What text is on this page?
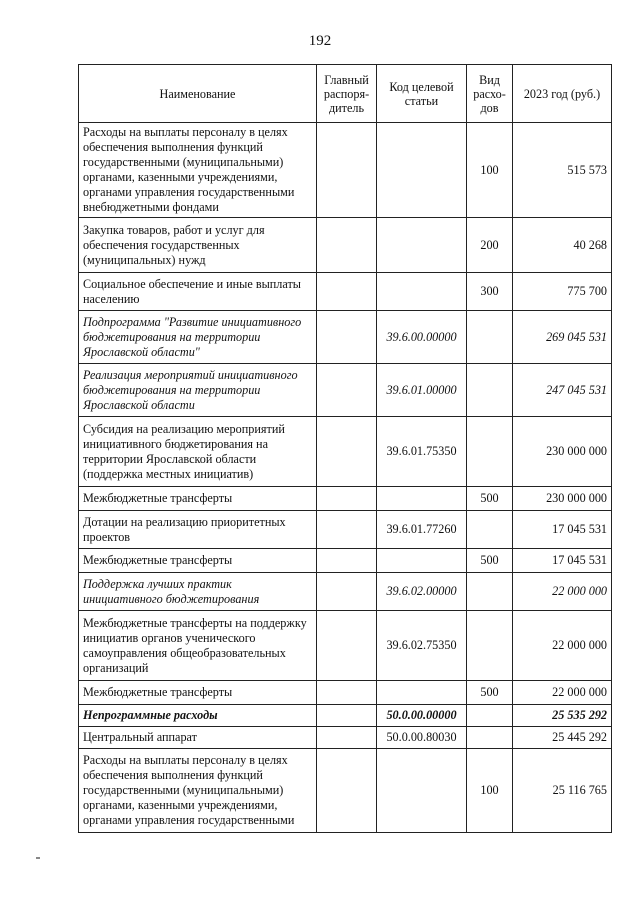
192
Наименование	Главный распоря-дитель	Код целевой статьи	Вид расхо-дов	2023 год (руб.)
Расходы на выплаты персоналу в целях обеспечения выполнения функций государственными (муниципальными) органами, казенными учреждениями, органами управления государственными внебюджетными фондами			100	515 573
Закупка товаров, работ и услуг для обеспечения государственных (муниципальных) нужд			200	40 268
Социальное обеспечение и иные выплаты населению			300	775 700
Подпрограмма "Развитие инициативного бюджетирования на территории Ярославской области"		39.6.00.00000		269 045 531
Реализация мероприятий инициативного бюджетирования на территории Ярославской области		39.6.01.00000		247 045 531
Субсидия на реализацию мероприятий инициативного бюджетирования на территории Ярославской области (поддержка местных инициатив)		39.6.01.75350		230 000 000
Межбюджетные трансферты			500	230 000 000
Дотации на реализацию приоритетных проектов		39.6.01.77260		17 045 531
Межбюджетные трансферты			500	17 045 531
Поддержка лучших практик инициативного бюджетирования		39.6.02.00000		22 000 000
Межбюджетные трансферты на поддержку инициатив органов ученического самоуправления общеобразовательных организаций		39.6.02.75350		22 000 000
Межбюджетные трансферты			500	22 000 000
Непрограммные расходы		50.0.00.00000		25 535 292
Центральный аппарат		50.0.00.80030		25 445 292
Расходы на выплаты персоналу в целях обеспечения выполнения функций государственными (муниципальными) органами, казенными учреждениями, органами управления государственными			100	25 116 765
